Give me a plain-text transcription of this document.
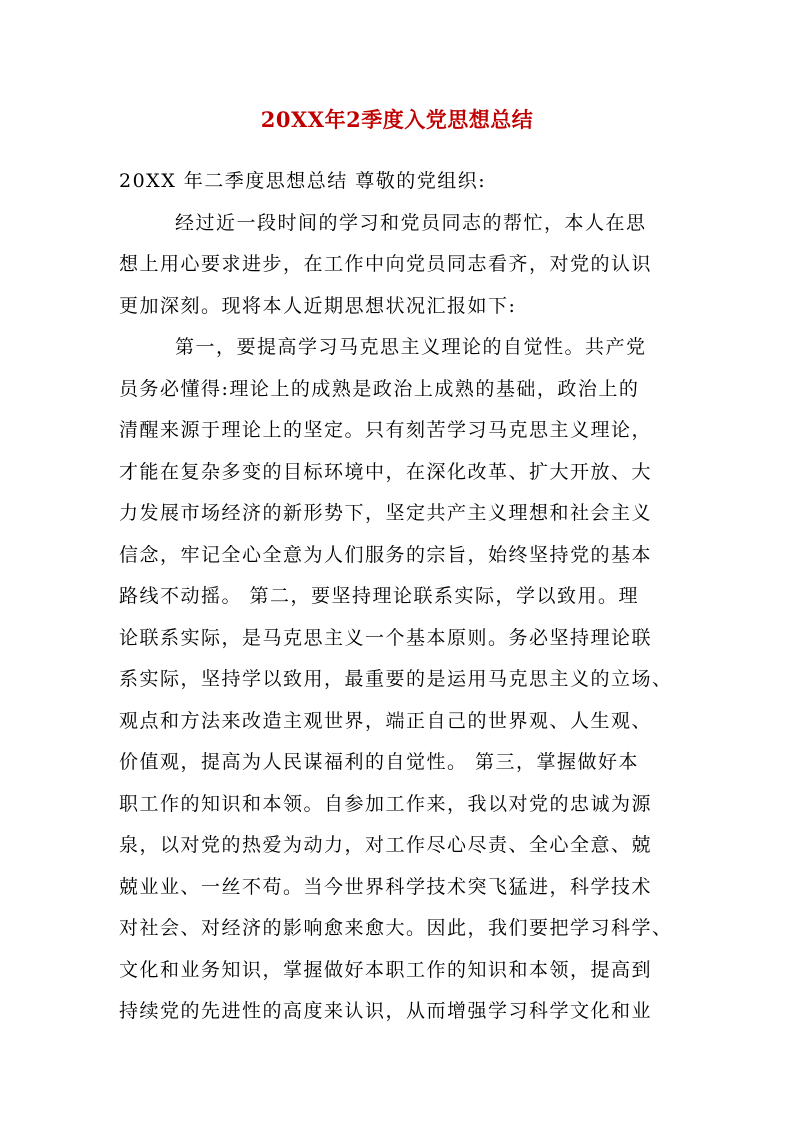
20XX年2季度入党思想总结
20XX 年二季度思想总结 尊敬的党组织:
经过近一段时间的学习和党员同志的帮忙，本人在思
想上用心要求进步，在工作中向党员同志看齐，对党的认识
更加深刻。现将本人近期思想状况汇报如下:
第一，要提高学习马克思主义理论的自觉性。共产党
员务必懂得:理论上的成熟是政治上成熟的基础，政治上的
清醒来源于理论上的坚定。只有刻苦学习马克思主义理论，
才能在复杂多变的目标环境中，在深化改革、扩大开放、大
力发展市场经济的新形势下，坚定共产主义理想和社会主义
信念，牢记全心全意为人们服务的宗旨，始终坚持党的基本
路线不动摇。 第二，要坚持理论联系实际，学以致用。理
论联系实际，是马克思主义一个基本原则。务必坚持理论联
系实际，坚持学以致用，最重要的是运用马克思主义的立场、
观点和方法来改造主观世界，端正自己的世界观、人生观、
价值观，提高为人民谋福利的自觉性。 第三，掌握做好本
职工作的知识和本领。自参加工作来，我以对党的忠诚为源
泉，以对党的热爱为动力，对工作尽心尽责、全心全意、兢
兢业业、一丝不苟。当今世界科学技术突飞猛进，科学技术
对社会、对经济的影响愈来愈大。因此，我们要把学习科学、
文化和业务知识，掌握做好本职工作的知识和本领，提高到
持续党的先进性的高度来认识，从而增强学习科学文化和业
